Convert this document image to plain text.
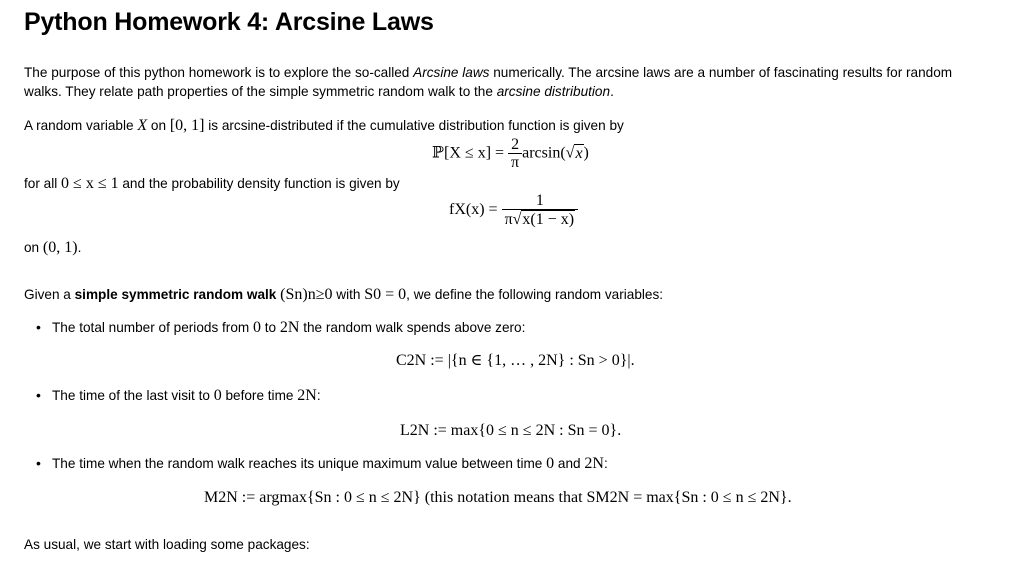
Python Homework 4: Arcsine Laws
The purpose of this python homework is to explore the so-called Arcsine laws numerically. The arcsine laws are a number of fascinating results for random
walks. They relate path properties of the simple symmetric random walk to the arcsine distribution.
A random variable X on [0, 1] is arcsine-distributed if the cumulative distribution function is given by
ℙ[X ≤ $x] = \frac{2}{\pi} \arcsin(√x)$
for all 0 ≤ x ≤ 1 and the probability density function is given by
$fX(x) = \frac{1}{\pi√x(1 - x)}$
on (0, 1).
Given a simple symmetric random walk (Sn)n≥0 with S0 = 0, we define the following random variables:
• The total number of periods from 0 to 2N the random walk spends above zero:
C2N := |{n ∈ {1, … , 2N} : Sn > 0}|.
• The time of the last visit to 0 before time 2N:
L2N := max{0 ≤ n ≤ 2N : Sn = 0}.
• The time when the random walk reaches its unique maximum value between time 0 and 2N:
M2N := argmax{Sn : 0 ≤ n ≤ 2N} (this notation means that SM2N = max{Sn : 0 ≤ n ≤ 2N}.
As usual, we start with loading some packages:
